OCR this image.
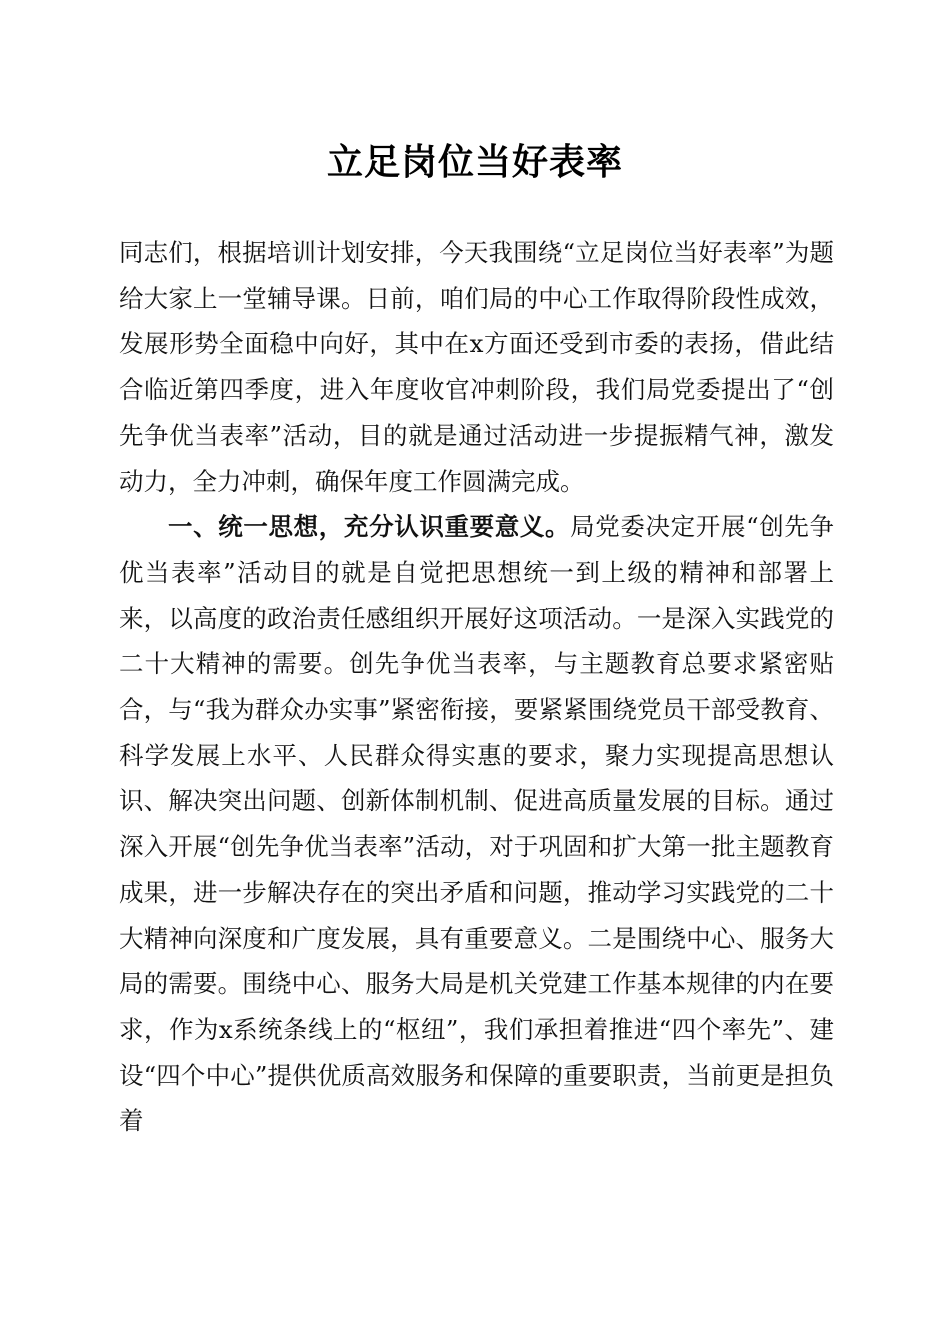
立足岗位当好表率

同志们，根据培训计划安排，今天我围绕“立足岗位当好表率”为题给大家上一堂辅导课。日前，咱们局的中心工作取得阶段性成效，发展形势全面稳中向好，其中在x方面还受到市委的表扬，借此结合临近第四季度，进入年度收官冲刺阶段，我们局党委提出了“创先争优当表率”活动，目的就是通过活动进一步提振精气神，激发动力，全力冲刺，确保年度工作圆满完成。

一、统一思想，充分认识重要意义。局党委决定开展“创先争优当表率”活动目的就是自觉把思想统一到上级的精神和部署上来，以高度的政治责任感组织开展好这项活动。一是深入实践党的二十大精神的需要。创先争优当表率，与主题教育总要求紧密贴合，与“我为群众办实事”紧密衔接，要紧紧围绕党员干部受教育、科学发展上水平、人民群众得实惠的要求，聚力实现提高思想认识、解决突出问题、创新体制机制、促进高质量发展的目标。通过深入开展“创先争优当表率”活动，对于巩固和扩大第一批主题教育成果，进一步解决存在的突出矛盾和问题，推动学习实践党的二十大精神向深度和广度发展，具有重要意义。二是围绕中心、服务大局的需要。围绕中心、服务大局是机关党建工作基本规律的内在要求，作为x系统条线上的“枢纽”，我们承担着推进“四个率先”、建设“四个中心”提供优质高效服务和保障的重要职责，当前更是担负着
